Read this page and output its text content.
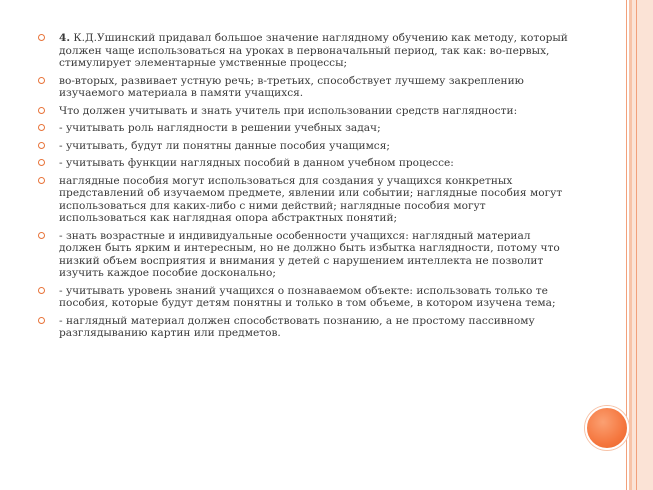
4. К.Д.Ушинский придавал большое значение наглядному обучению как методу, который должен чаще использоваться на уроках в первоначальный период, так как: во-первых, стимулирует элементарные умственные процессы;
во-вторых, развивает устную речь; в-третьих, способствует лучшему закреплению изучаемого материала в памяти учащихся.
Что должен учитывать и знать учитель при использовании средств наглядности:
- учитывать роль наглядности в решении учебных задач;
- учитывать, будут ли понятны данные пособия учащимся;
- учитывать функции наглядных пособий в данном учебном процессе:
наглядные пособия могут использоваться для создания у учащихся конкретных представлений об изучаемом предмете, явлении или событии; наглядные пособия могут использоваться для каких-либо с ними действий; наглядные пособия могут использоваться как наглядная опора абстрактных понятий;
- знать возрастные и индивидуальные особенности учащихся: наглядный материал должен быть ярким и интересным, но не должно быть избытка наглядности, потому что низкий объем восприятия и внимания у детей с нарушением интеллекта не позволит изучить каждое пособие досконально;
- учитывать уровень знаний учащихся о познаваемом объекте: использовать только те пособия, которые будут детям понятны и только в том объеме, в котором изучена тема;
- наглядный материал должен способствовать познанию, а не простому пассивному разглядыванию картин или предметов.
